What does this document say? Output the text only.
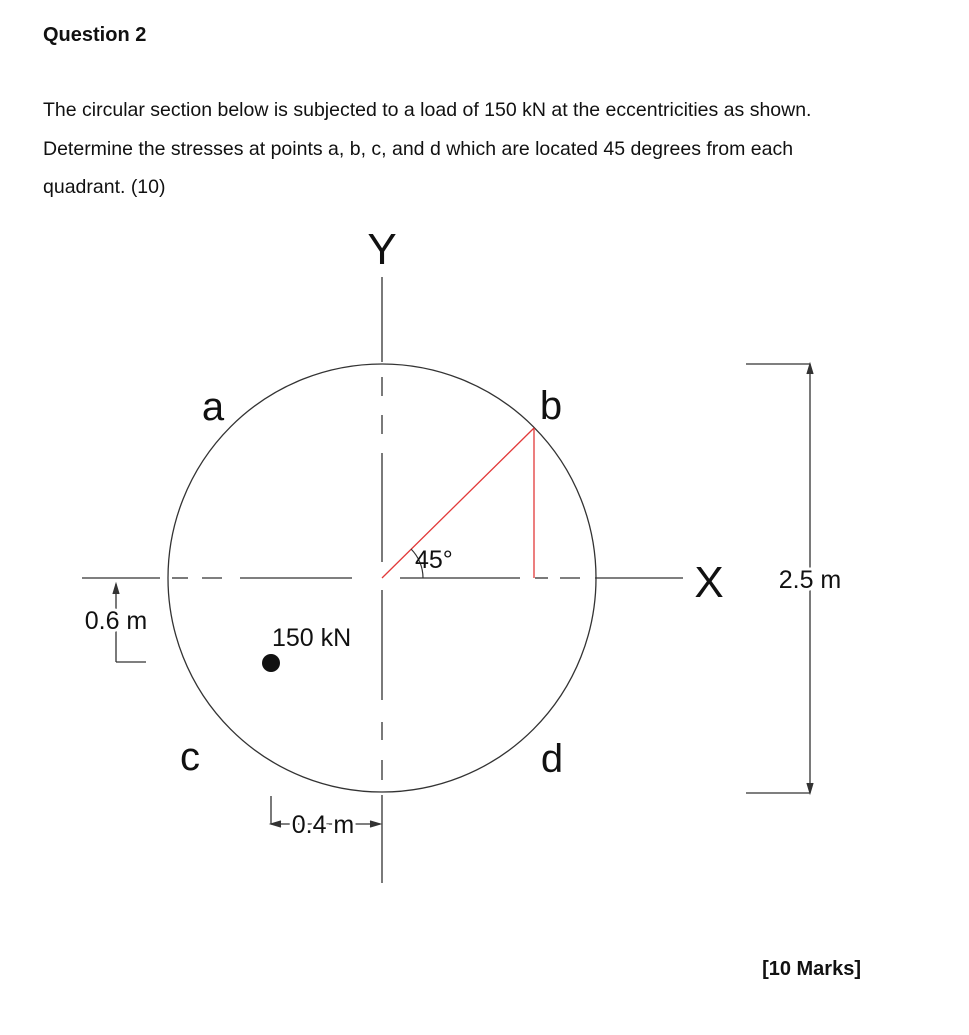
Question 2

The circular section below is subjected to a load of 150 kN at the eccentricities as shown. Determine the stresses at points a, b, c, and d which are located 45 degrees from each quadrant. (10)

Y
X
a	b
c	d
45°
150 kN
0.6 m
0.4 m
2.5 m
[10 Marks]
